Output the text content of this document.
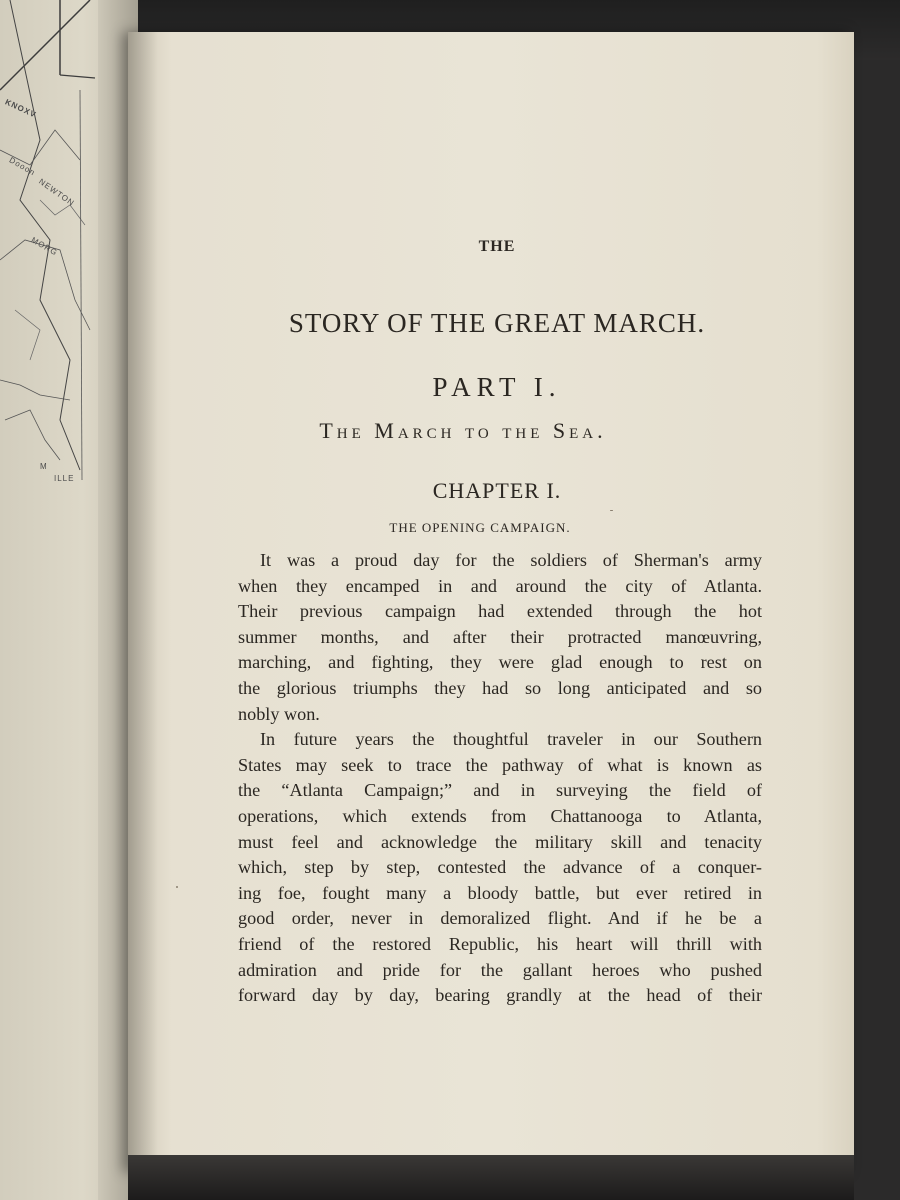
KNOXV
Dooon
NEWTON
MORG
M
ILLE
THE
STORY OF THE GREAT MARCH.
PART I.
The March to the Sea.
CHAPTER I.
THE OPENING CAMPAIGN.

It was a proud day for the soldiers of Sherman's army
when they encamped in and around the city of Atlanta.
Their previous campaign had extended through the hot
summer months, and after their protracted manœuvring,
marching, and fighting, they were glad enough to rest on
the glorious triumphs they had so long anticipated and so
nobly won.

In future years the thoughtful traveler in our Southern
States may seek to trace the pathway of what is known as
the “Atlanta Campaign;” and in surveying the field of
operations, which extends from Chattanooga to Atlanta,
must feel and acknowledge the military skill and tenacity
which, step by step, contested the advance of a conquer-
ing foe, fought many a bloody battle, but ever retired in
good order, never in demoralized flight. And if he be a
friend of the restored Republic, his heart will thrill with
admiration and pride for the gallant heroes who pushed
forward day by day, bearing grandly at the head of their
